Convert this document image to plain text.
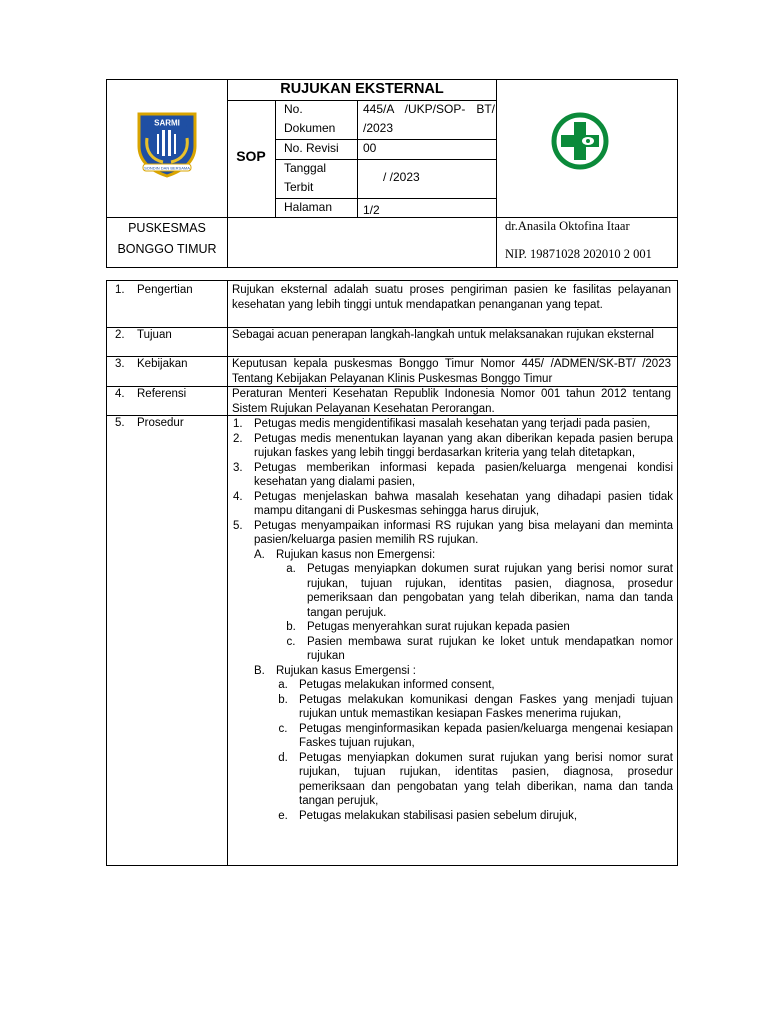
SARMI
SONDIN DAN BERSAMA
RUJUKAN EKSTERNAL
SOP
No. Dokumen
445/A /UKP/SOP- BT/ /2023
No. Revisi 00
Tanggal Terbit
/ /2023
Halaman	1/2
PUSKESMAS
BONGGO TIMUR
dr.Anasila Oktofina Itaar
NIP. 19871028 202010 2 001
1. Pengertian
2. Tujuan
3. Kebijakan
4. Referensi
5. Prosedur
Rujukan eksternal adalah suatu proses pengiriman pasien ke fasilitas pelayanan kesehatan yang lebih tinggi untuk mendapatkan penanganan yang tepat.
Sebagai acuan penerapan langkah-langkah untuk melaksanakan rujukan eksternal
Keputusan kepala puskesmas Bonggo Timur Nomor 445/ /ADMEN/SK-BT/ /2023 Tentang Kebijakan Pelayanan Klinis Puskesmas Bonggo Timur
Peraturan Menteri Kesehatan Republik Indonesia Nomor 001 tahun 2012 tentang Sistem Rujukan Pelayanan Kesehatan Perorangan.
1. Petugas medis mengidentifikasi masalah kesehatan yang terjadi pada pasien,
2. Petugas medis menentukan layanan yang akan diberikan kepada pasien berupa rujukan faskes yang lebih tinggi berdasarkan kriteria yang telah ditetapkan,
3. Petugas memberikan informasi kepada pasien/keluarga mengenai kondisi kesehatan yang dialami pasien,
4. Petugas menjelaskan bahwa masalah kesehatan yang dihadapi pasien tidak mampu ditangani di Puskesmas sehingga harus dirujuk,
5. Petugas menyampaikan informasi RS rujukan yang bisa melayani dan meminta pasien/keluarga pasien memilih RS rujukan.
A. Rujukan kasus non Emergensi:
a. Petugas menyiapkan dokumen surat rujukan yang berisi nomor surat rujukan, tujuan rujukan, identitas pasien, diagnosa, prosedur pemeriksaan dan pengobatan yang telah diberikan, nama dan tanda tangan perujuk.
b. Petugas menyerahkan surat rujukan kepada pasien
c. Pasien membawa surat rujukan ke loket untuk mendapatkan nomor rujukan
B. Rujukan kasus Emergensi :
a. Petugas melakukan informed consent,
b. Petugas melakukan komunikasi dengan Faskes yang menjadi tujuan rujukan untuk memastikan kesiapan Faskes menerima rujukan,
c. Petugas menginformasikan kepada pasien/keluarga mengenai kesiapan Faskes tujuan rujukan,
d. Petugas menyiapkan dokumen surat rujukan yang berisi nomor surat rujukan, tujuan rujukan, identitas pasien, diagnosa, prosedur pemeriksaan dan pengobatan yang telah diberikan, nama dan tanda tangan perujuk,
e. Petugas melakukan stabilisasi pasien sebelum dirujuk,
